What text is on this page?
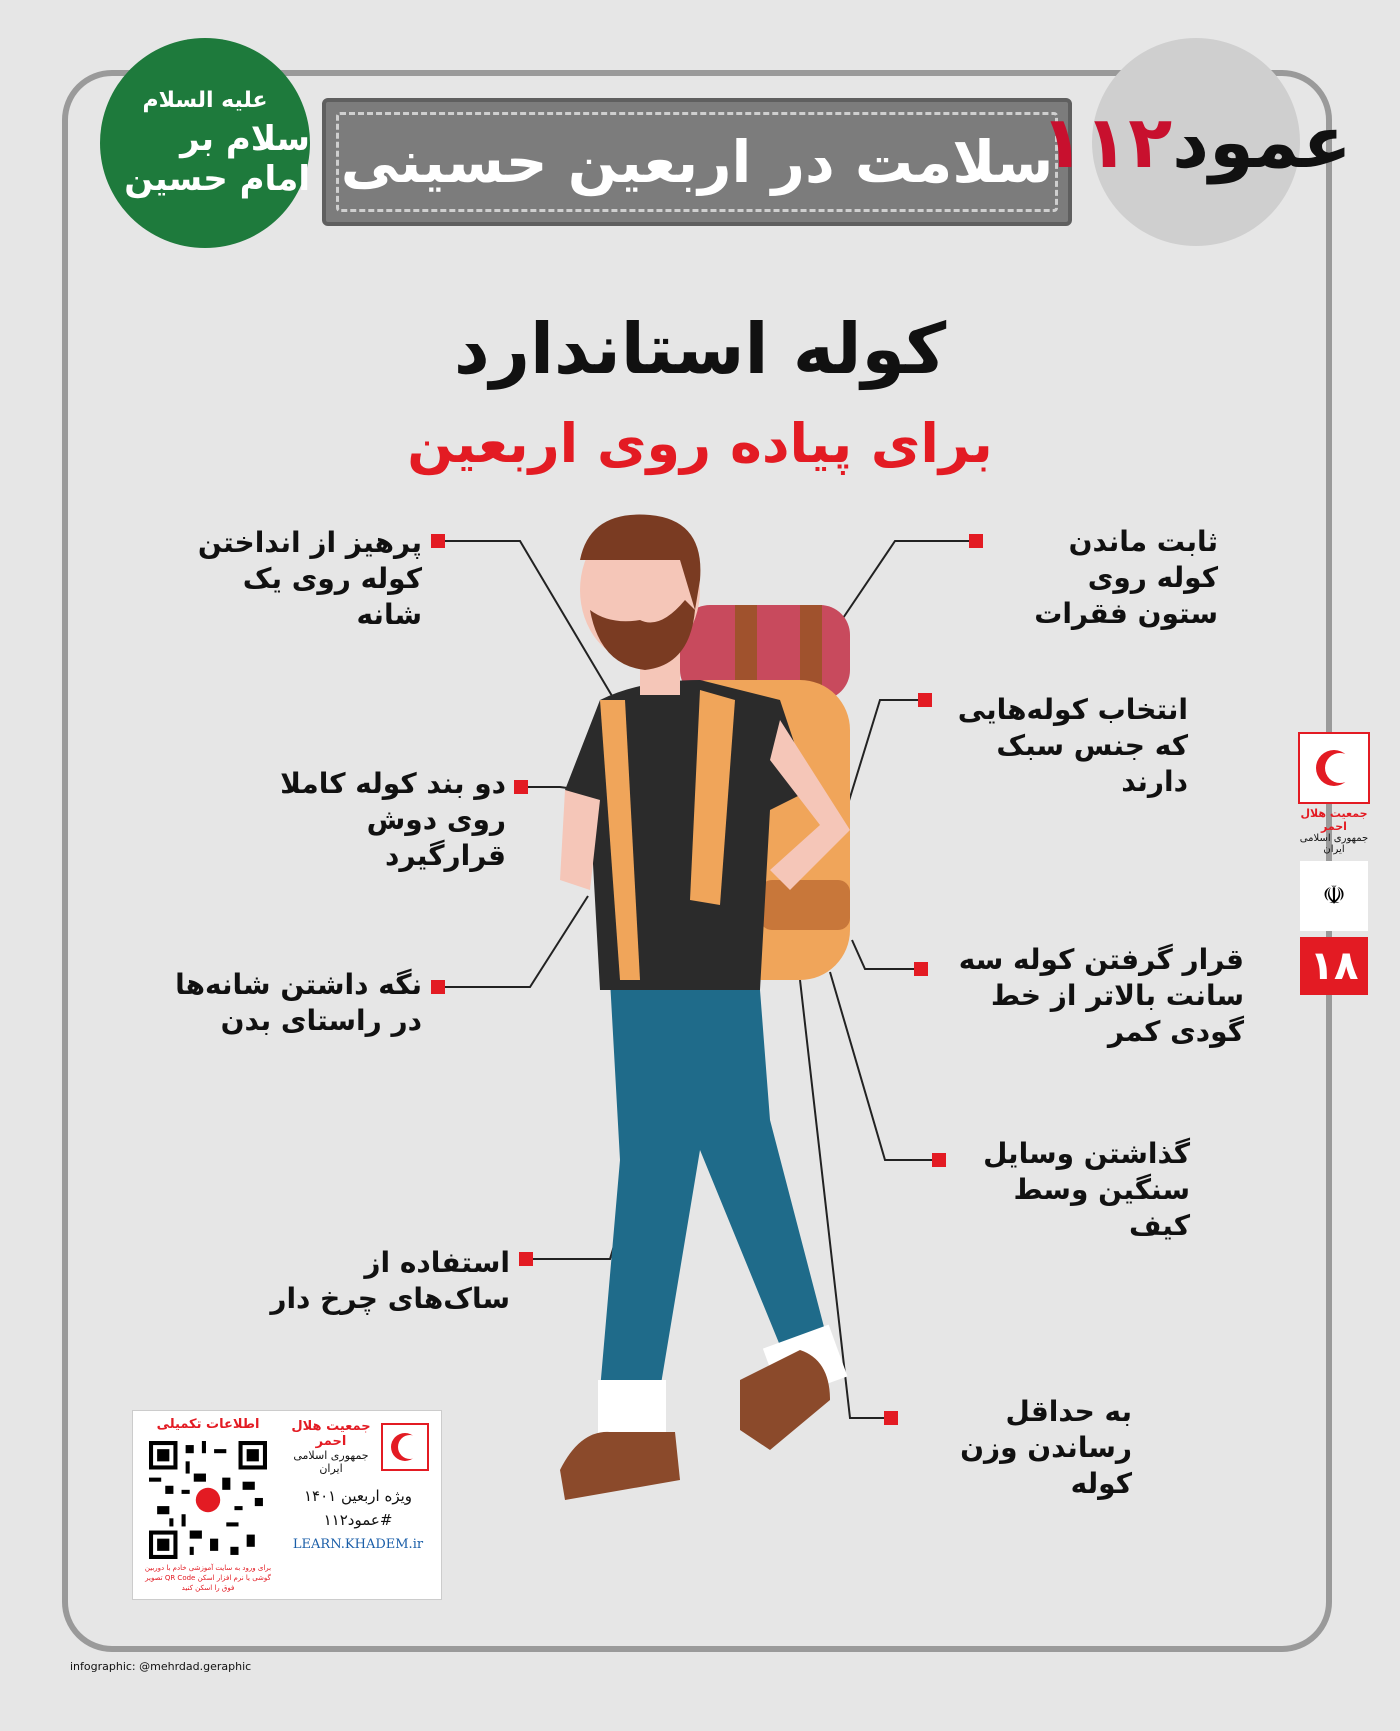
علیه السلام
سلام بر امام حسین سلامت در اربعین حسینی	عمود۱۱۲
کوله استاندارد
برای پیاده روی اربعین
پرهیز از انداختن کوله روی یک شانه
دو بند کوله کاملا روی دوش قرارگیرد
نگه داشتن شانه‌ها در راستای بدن
استفاده از ساک‌های چرخ دار
ثابت ماندن کوله روی ستون فقرات
انتخاب کوله‌هایی که جنس سبک دارند
قرار گرفتن کوله سه سانت بالاتر از خط گودی کمر
گذاشتن وسایل سنگین وسط کیف
به حداقل رساندن وزن کوله
جمعیت هلال احمر
جمهوری اسلامی ایران
☫
۱۸
اطلاعات تکمیلی
برای ورود به سایت آموزشی خادم با دوربین گوشی یا نرم افزار اسکن QR Code تصویر فوق را اسکن کنید
جمعیت هلال احمر
جمهوری اسلامی ایران
ویژه اربعین ۱۴۰۱
#عمود۱۱۲
LEARN.KHADEM.ir
infographic: @mehrdad.geraphic
